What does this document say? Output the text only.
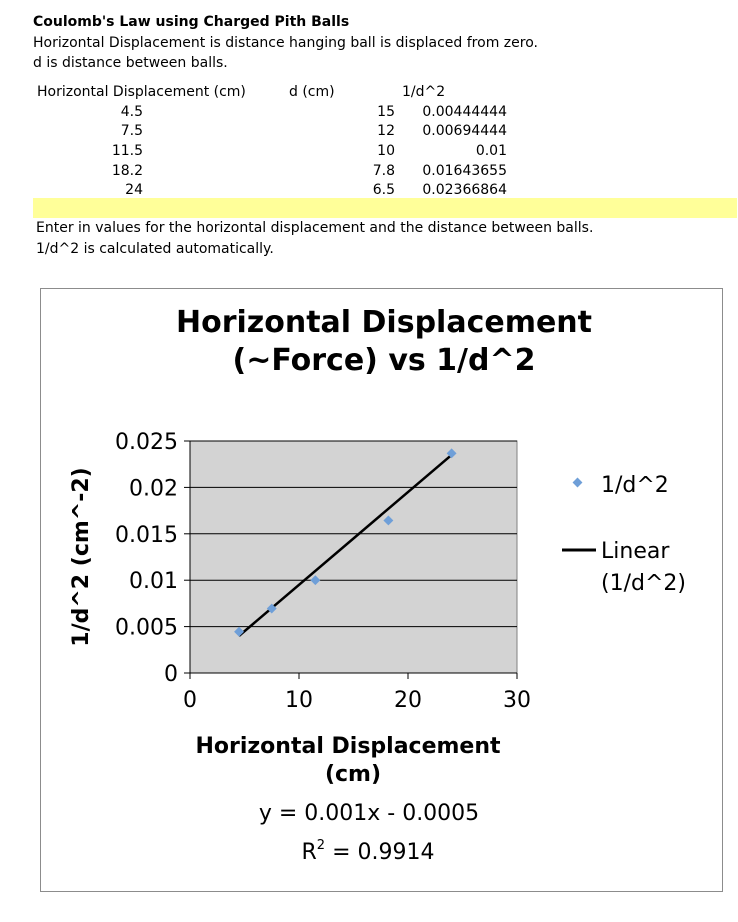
Coulomb's Law using Charged Pith Balls
Horizontal Displacement is distance hanging ball is displaced from zero.
d is distance between balls.
Horizontal Displacement (cm)	d (cm)	1/d^2
4.5	15 0.00444444
7.5	12 0.00694444
11.5	10	0.01
18.2	7.8 0.01643655
24	6.5 0.02366864
Enter in values for the horizontal displacement and the distance between balls.
1/d^2 is calculated automatically.
Horizontal Displacement
(~Force) vs 1/d^2
0
0.005
0.01
0.015
0.02
0.025
0	10	20	30
Horizontal Displacement
(cm)
1/d^2 (cm^-2)	1/d^2
Linear
(1/d^2)
y = 0.001x - 0.0005
$R^2 = 0.9914$
